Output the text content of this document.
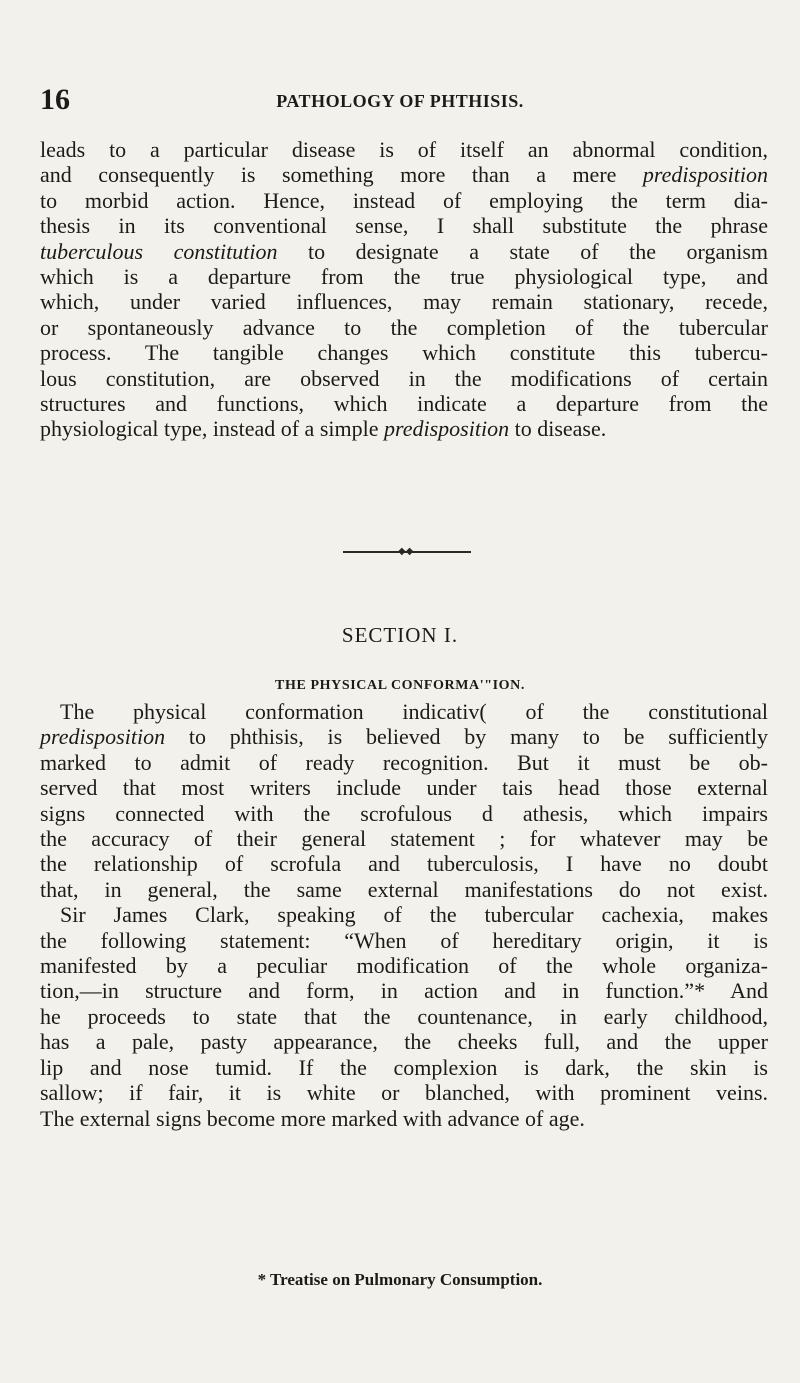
16	PATHOLOGY OF PHTHISIS.
leads to a particular disease is of itself an abnormal condition,
and consequently is something more than a mere predisposition
to morbid action. Hence, instead of employing the term dia-
thesis in its conventional sense, I shall substitute the phrase
tuberculous constitution to designate a state of the organism
which is a departure from the true physiological type, and
which, under varied influences, may remain stationary, recede,
or spontaneously advance to the completion of the tubercular
process. The tangible changes which constitute this tubercu-
lous constitution, are observed in the modifications of certain
structures and functions, which indicate a departure from the
physiological type, instead of a simple predisposition to disease.
◆◆
SECTION I.
THE PHYSICAL CONFORMA'"ION.
The physical conformation indicativ( of the constitutional
predisposition to phthisis, is believed by many to be sufficiently
marked to admit of ready recognition. But it must be ob-
served that most writers include under tais head those external
signs connected with the scrofulous d athesis, which impairs
the accuracy of their general statement ; for whatever may be
the relationship of scrofula and tuberculosis, I have no doubt
that, in general, the same external manifestations do not exist.
Sir James Clark, speaking of the tubercular cachexia, makes
the following statement: “When of hereditary origin, it is
manifested by a peculiar modification of the whole organiza-
tion,—in structure and form, in action and in function.”* And
he proceeds to state that the countenance, in early childhood,
has a pale, pasty appearance, the cheeks full, and the upper
lip and nose tumid. If the complexion is dark, the skin is
sallow; if fair, it is white or blanched, with prominent veins.
The external signs become more marked with advance of age.
* Treatise on Pulmonary Consumption.
